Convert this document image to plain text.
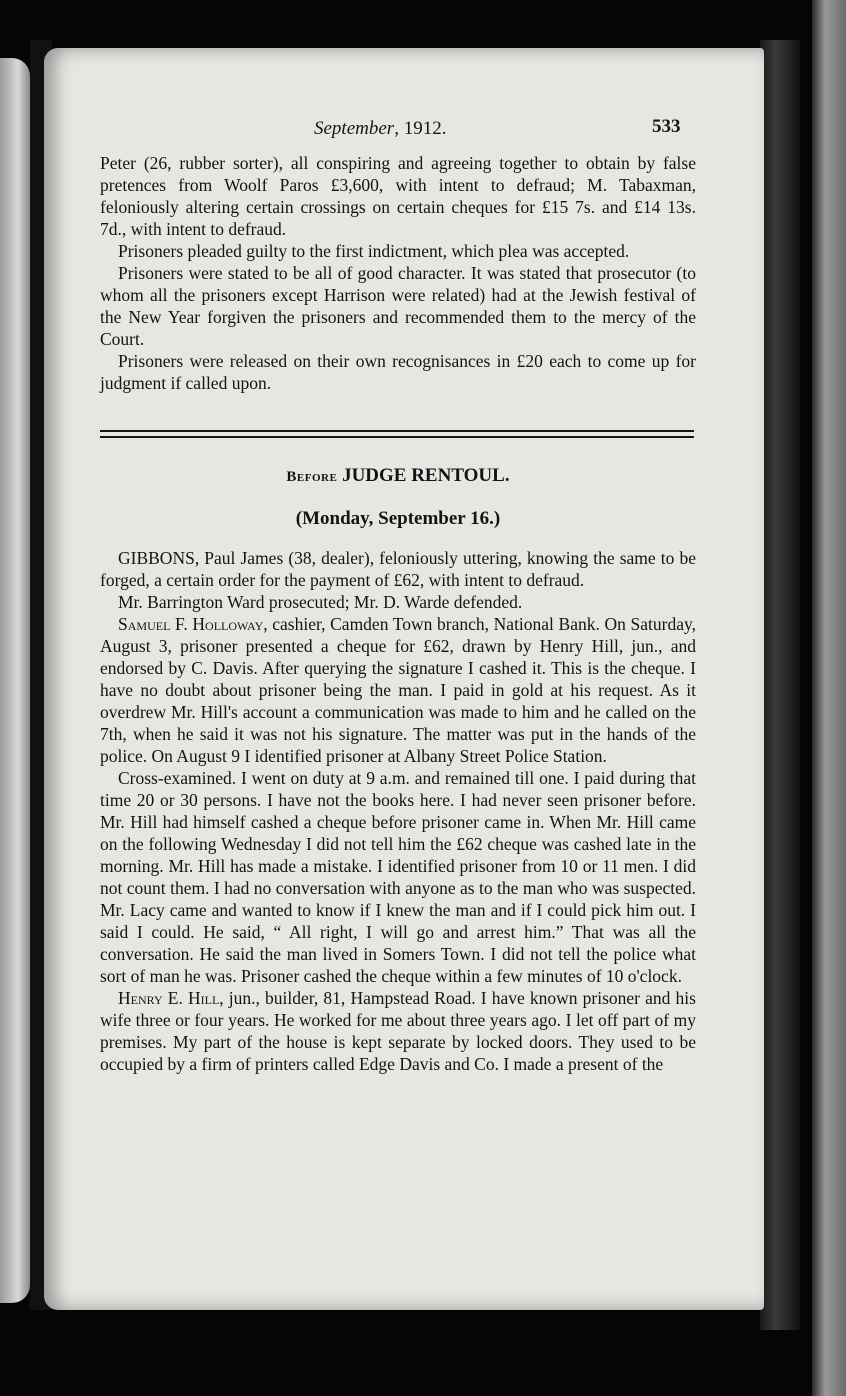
September, 1912.	533

Peter (26, rubber sorter), all conspiring and agreeing together to obtain by false pretences from Woolf Paros £3,600, with intent to defraud; M. Tabaxman, feloniously altering certain crossings on certain cheques for £15 7s. and £14 13s. 7d., with intent to defraud.

Prisoners pleaded guilty to the first indictment, which plea was accepted.

Prisoners were stated to be all of good character. It was stated that prosecutor (to whom all the prisoners except Harrison were related) had at the Jewish festival of the New Year forgiven the prisoners and recommended them to the mercy of the Court.

Prisoners were released on their own recognisances in £20 each to come up for judgment if called upon.

Before JUDGE RENTOUL.
(Monday, September 16.)

GIBBONS, Paul James (38, dealer), feloniously uttering, knowing the same to be forged, a certain order for the payment of £62, with intent to defraud.

Mr. Barrington Ward prosecuted; Mr. D. Warde defended.

Samuel F. Holloway, cashier, Camden Town branch, National Bank. On Saturday, August 3, prisoner presented a cheque for £62, drawn by Henry Hill, jun., and endorsed by C. Davis. After querying the signature I cashed it. This is the cheque. I have no doubt about prisoner being the man. I paid in gold at his request. As it overdrew Mr. Hill's account a communication was made to him and he called on the 7th, when he said it was not his signature. The matter was put in the hands of the police. On August 9 I identified prisoner at Albany Street Police Station.

Cross-examined. I went on duty at 9 a.m. and remained till one. I paid during that time 20 or 30 persons. I have not the books here. I had never seen prisoner before. Mr. Hill had himself cashed a cheque before prisoner came in. When Mr. Hill came on the following Wednesday I did not tell him the £62 cheque was cashed late in the morning. Mr. Hill has made a mistake. I identified prisoner from 10 or 11 men. I did not count them. I had no conversation with anyone as to the man who was suspected. Mr. Lacy came and wanted to know if I knew the man and if I could pick him out. I said I could. He said, “ All right, I will go and arrest him.” That was all the conversation. He said the man lived in Somers Town. I did not tell the police what sort of man he was. Prisoner cashed the cheque within a few minutes of 10 o'clock.

Henry E. Hill, jun., builder, 81, Hampstead Road. I have known prisoner and his wife three or four years. He worked for me about three years ago. I let off part of my premises. My part of the house is kept separate by locked doors. They used to be occupied by a firm of printers called Edge Davis and Co. I made a present of the
